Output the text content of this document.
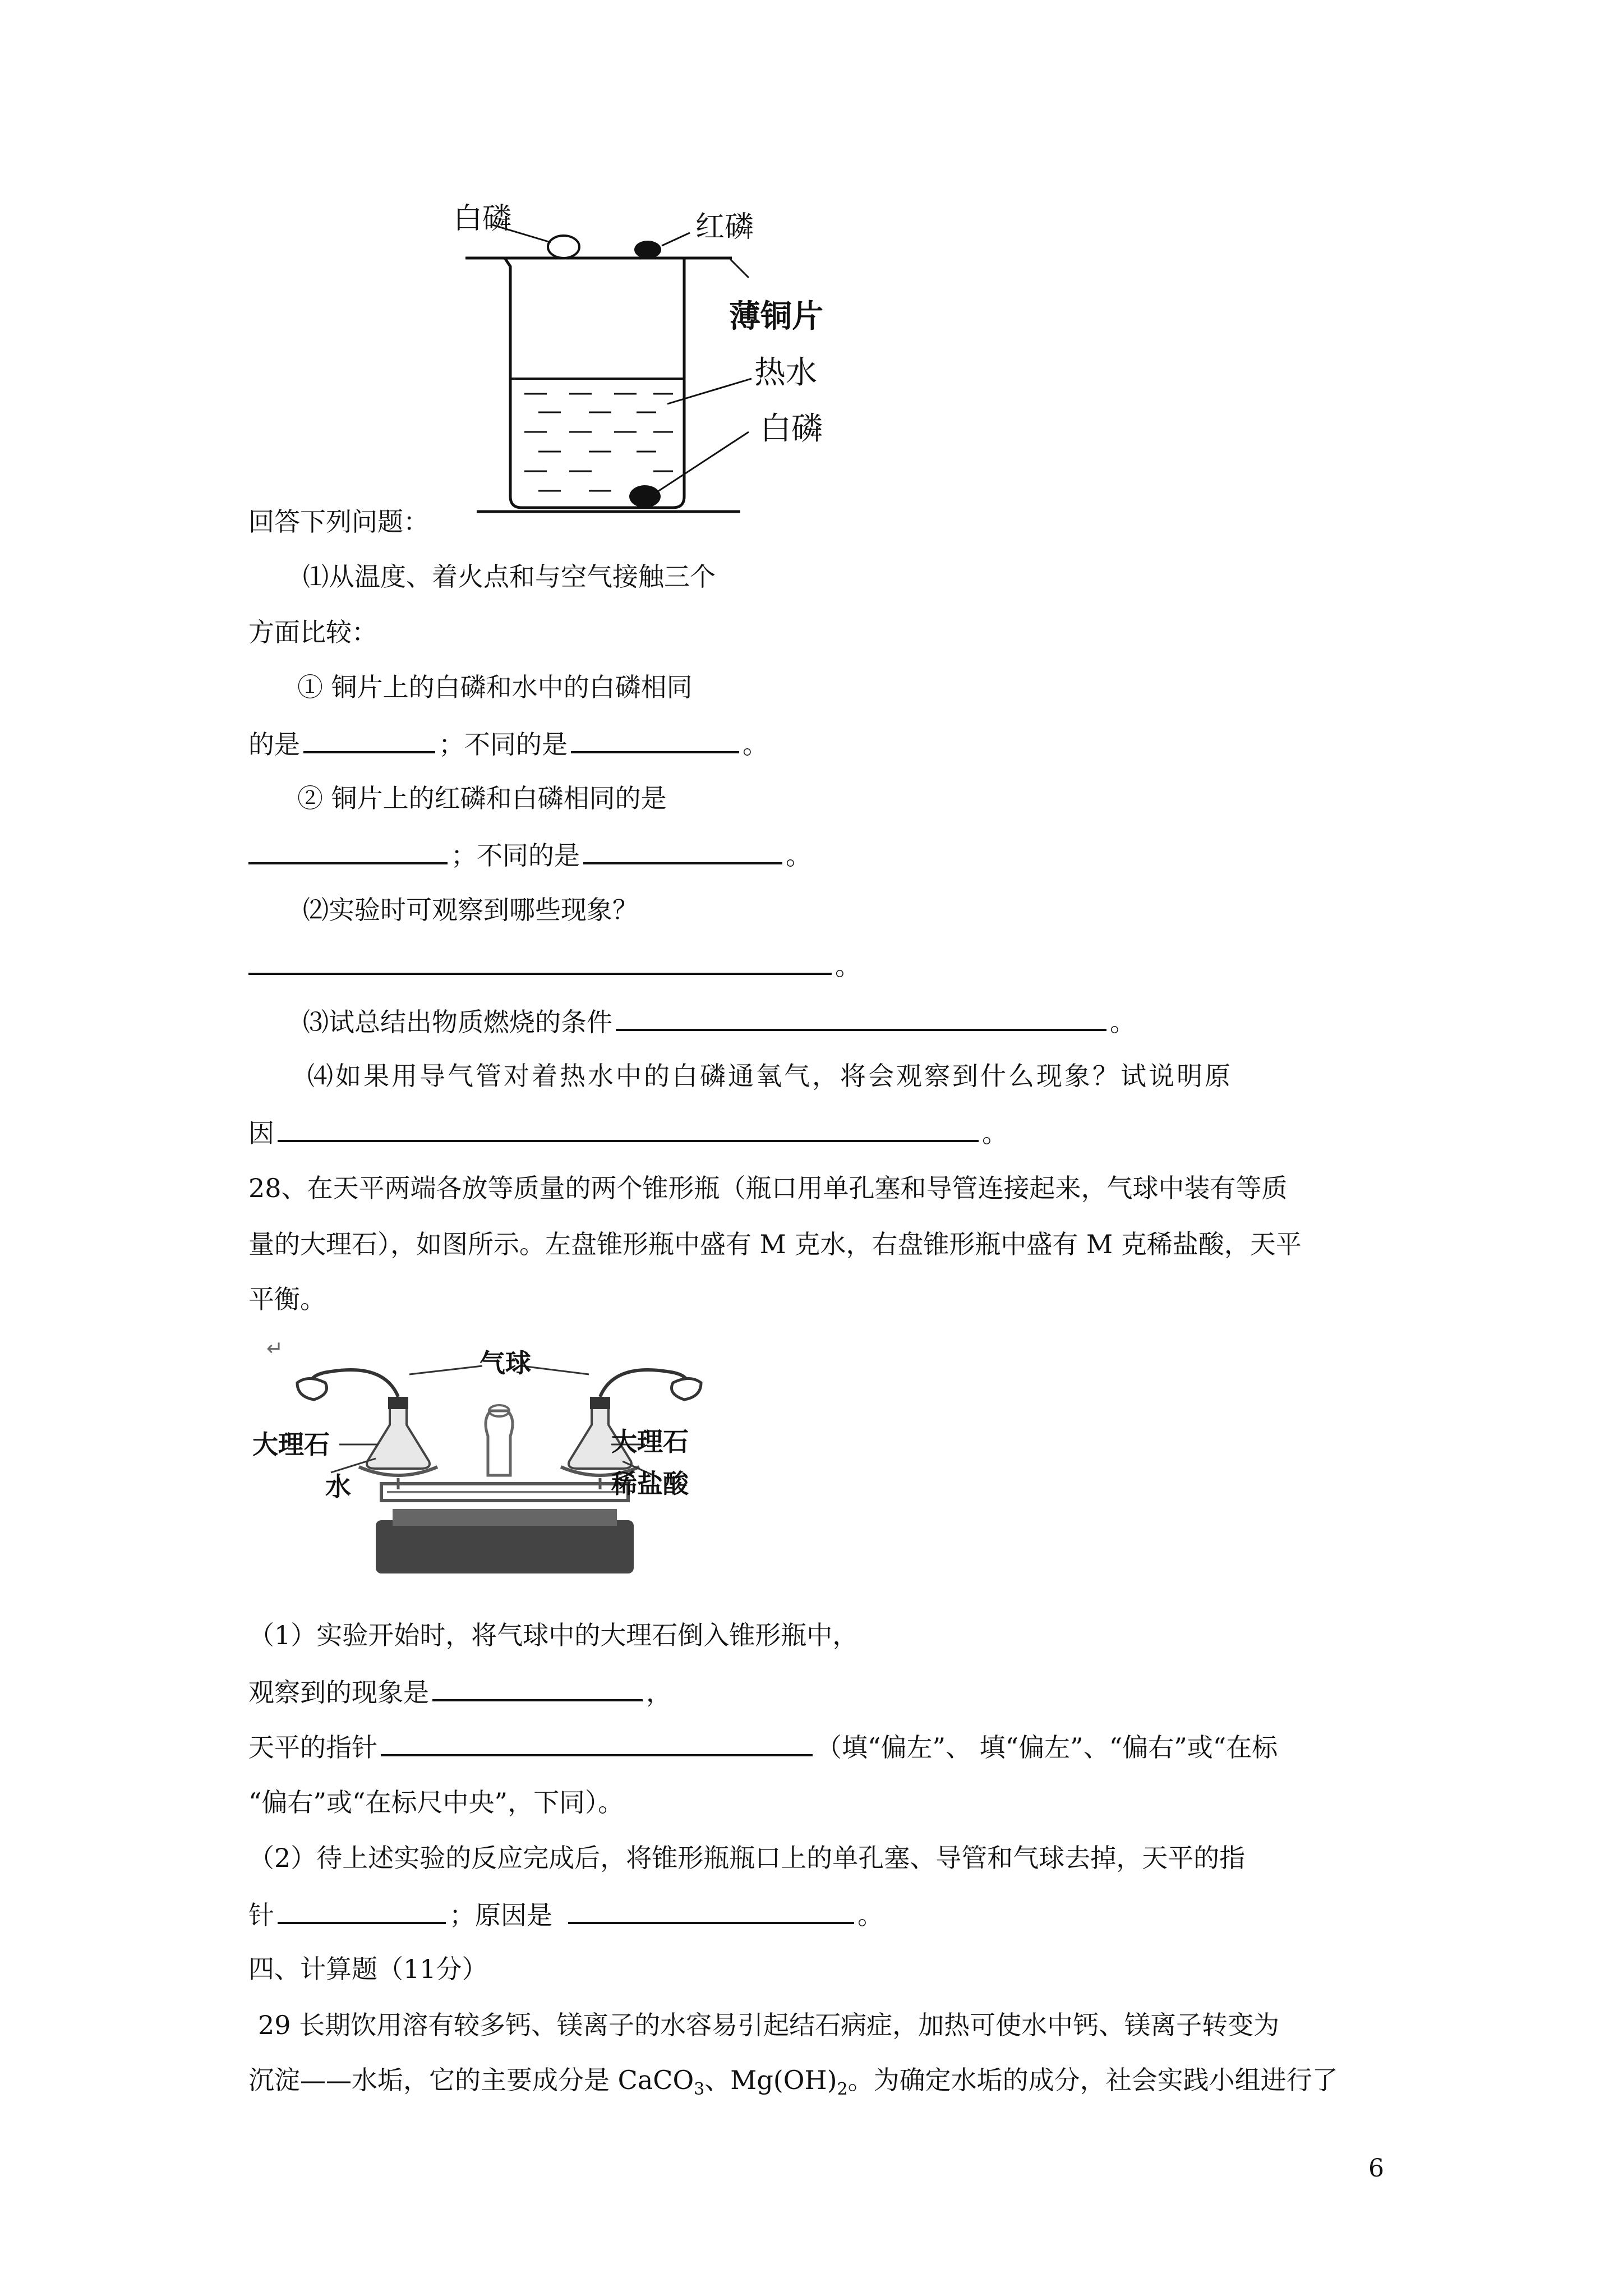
白磷	红磷
薄铜片
热水
白磷
回答下列问题：
⑴从温度、着火点和与空气接触三个
方面比较：
① 铜片上的白磷和水中的白磷相同
的是	；不同的是	。
② 铜片上的红磷和白磷相同的是
；不同的是	。
⑵实验时可观察到哪些现象？
。
⑶试总结出物质燃烧的条件	。
⑷如果用导气管对着热水中的白磷通氧气，将会观察到什么现象？试说明原
因	。
28、在天平两端各放等质量的两个锥形瓶（瓶口用单孔塞和导管连接起来，气球中装有等质
量的大理石），如图所示。左盘锥形瓶中盛有 M 克水，右盘锥形瓶中盛有 M 克稀盐酸，天平
平衡。
↵	气球
大理石	大理石
水	稀盐酸
（1）实验开始时，将气球中的大理石倒入锥形瓶中，
观察到的现象是	，
天平的指针	（填“偏左”、 填“偏左”、“偏右”或“在标
“偏右”或“在标尺中央”，下同）。
（2）待上述实验的反应完成后，将锥形瓶瓶口上的单孔塞、导管和气球去掉，天平的指
针	；原因是	。
四、计算题（11分）
29 长期饮用溶有较多钙、镁离子的水容易引起结石病症，加热可使水中钙、镁离子转变为
沉淀——水垢，它的主要成分是 CaCO$_3$、$Mg(OH)_2$。为确定水垢的成分，社会实践小组进行了
6
